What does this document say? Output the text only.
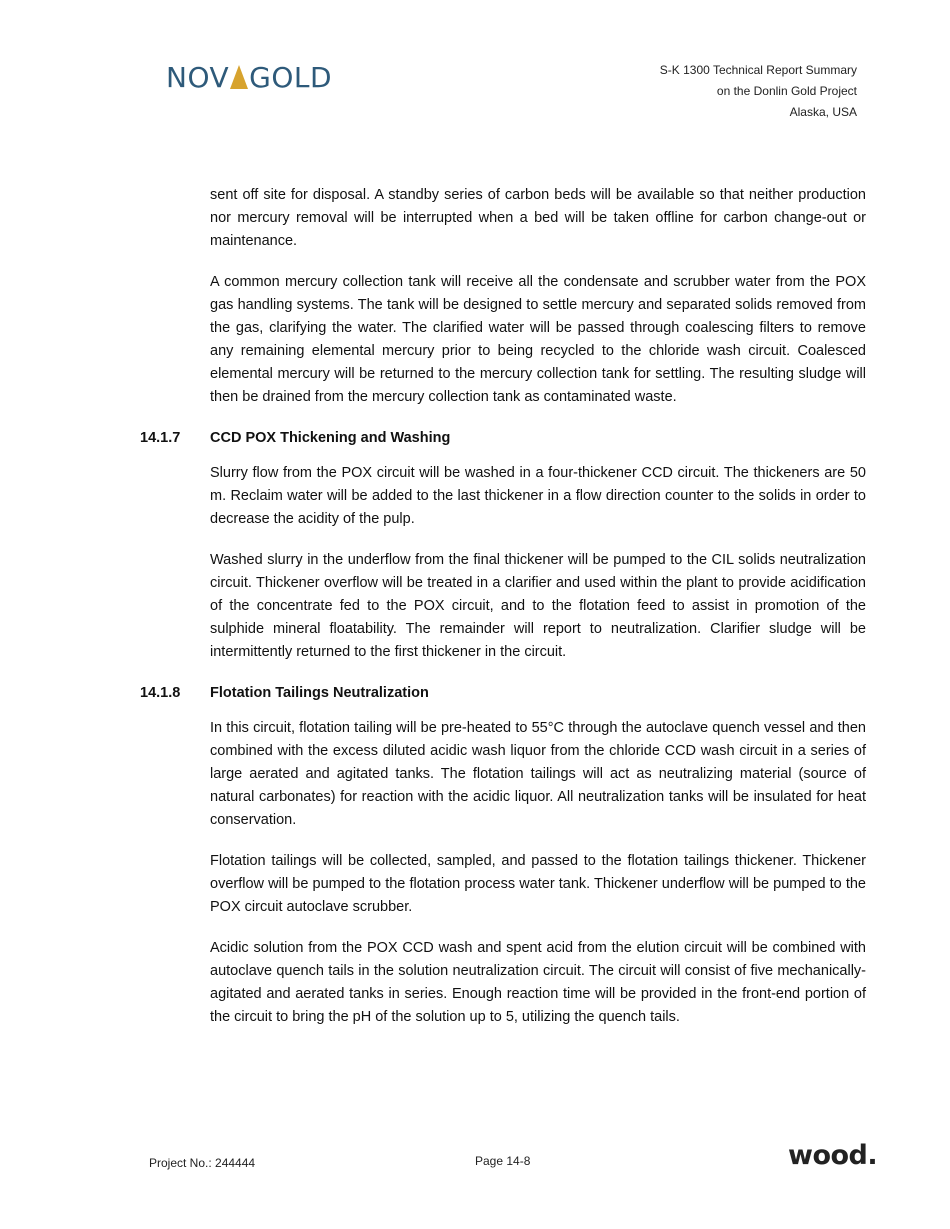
NOV GOLD	S-K 1300 Technical Report Summary
on the Donlin Gold Project
Alaska, USA

sent off site for disposal. A standby series of carbon beds will be available so that neither production nor mercury removal will be interrupted when a bed will be taken offline for carbon change-out or maintenance.

A common mercury collection tank will receive all the condensate and scrubber water from the POX gas handling systems. The tank will be designed to settle mercury and separated solids removed from the gas, clarifying the water. The clarified water will be passed through coalescing filters to remove any remaining elemental mercury prior to being recycled to the chloride wash circuit. Coalesced elemental mercury will be returned to the mercury collection tank for settling. The resulting sludge will then be drained from the mercury collection tank as contaminated waste.

14.1.7 CCD POX Thickening and Washing

Slurry flow from the POX circuit will be washed in a four-thickener CCD circuit. The thickeners are 50 m. Reclaim water will be added to the last thickener in a flow direction counter to the solids in order to decrease the acidity of the pulp.

Washed slurry in the underflow from the final thickener will be pumped to the CIL solids neutralization circuit. Thickener overflow will be treated in a clarifier and used within the plant to provide acidification of the concentrate fed to the POX circuit, and to the flotation feed to assist in promotion of the sulphide mineral floatability. The remainder will report to neutralization. Clarifier sludge will be intermittently returned to the first thickener in the circuit.

14.1.8 Flotation Tailings Neutralization

In this circuit, flotation tailing will be pre-heated to 55°C through the autoclave quench vessel and then combined with the excess diluted acidic wash liquor from the chloride CCD wash circuit in a series of large aerated and agitated tanks. The flotation tailings will act as neutralizing material (source of natural carbonates) for reaction with the acidic liquor. All neutralization tanks will be insulated for heat conservation.

Flotation tailings will be collected, sampled, and passed to the flotation tailings thickener. Thickener overflow will be pumped to the flotation process water tank. Thickener underflow will be pumped to the POX circuit autoclave scrubber.

Acidic solution from the POX CCD wash and spent acid from the elution circuit will be combined with autoclave quench tails in the solution neutralization circuit. The circuit will consist of five mechanically-agitated and aerated tanks in series. Enough reaction time will be provided in the front-end portion of the circuit to bring the pH of the solution up to 5, utilizing the quench tails.

Project No.: 244444	Page 14-8	wood.
